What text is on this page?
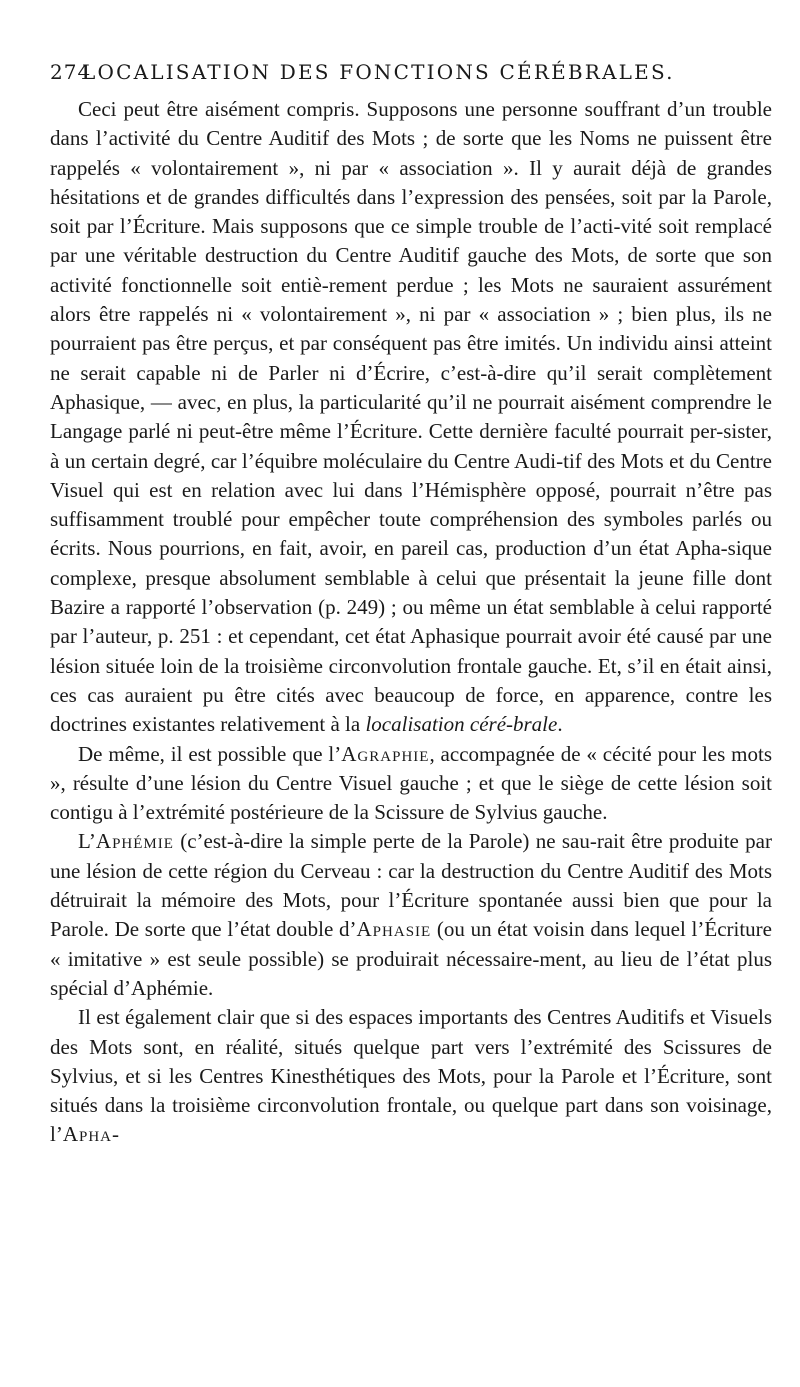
274
LOCALISATION DES FONCTIONS CÉRÉBRALES.

Ceci peut être aisément compris. Supposons une personne souffrant d’un trouble dans l’activité du Centre Auditif des Mots ; de sorte que les Noms ne puissent être rappelés « volontairement », ni par « association ». Il y aurait déjà de grandes hésitations et de grandes difficultés dans l’expression des pensées, soit par la Parole, soit par l’Écriture. Mais supposons que ce simple trouble de l’acti-vité soit remplacé par une véritable destruction du Centre Auditif gauche des Mots, de sorte que son activité fonctionnelle soit entiè-rement perdue ; les Mots ne sauraient assurément alors être rappelés ni « volontairement », ni par « association » ; bien plus, ils ne pourraient pas être perçus, et par conséquent pas être imités. Un individu ainsi atteint ne serait capable ni de Parler ni d’Écrire, c’est-à-dire qu’il serait complètement Aphasique, — avec, en plus, la particularité qu’il ne pourrait aisément comprendre le Langage parlé ni peut-être même l’Écriture. Cette dernière faculté pourrait per-sister, à un certain degré, car l’équibre moléculaire du Centre Audi-tif des Mots et du Centre Visuel qui est en relation avec lui dans l’Hémisphère opposé, pourrait n’être pas suffisamment troublé pour empêcher toute compréhension des symboles parlés ou écrits. Nous pourrions, en fait, avoir, en pareil cas, production d’un état Apha-sique complexe, presque absolument semblable à celui que présentait la jeune fille dont Bazire a rapporté l’observation (p. 249) ; ou même un état semblable à celui rapporté par l’auteur, p. 251 : et cependant, cet état Aphasique pourrait avoir été causé par une lésion située loin de la troisième circonvolution frontale gauche. Et, s’il en était ainsi, ces cas auraient pu être cités avec beaucoup de force, en apparence, contre les doctrines existantes relativement à la localisation céré-brale.

De même, il est possible que l’Agraphie, accompagnée de « cécité pour les mots », résulte d’une lésion du Centre Visuel gauche ; et que le siège de cette lésion soit contigu à l’extrémité postérieure de la Scissure de Sylvius gauche.

L’Aphémie (c’est-à-dire la simple perte de la Parole) ne sau-rait être produite par une lésion de cette région du Cerveau : car la destruction du Centre Auditif des Mots détruirait la mémoire des Mots, pour l’Écriture spontanée aussi bien que pour la Parole. De sorte que l’état double d’Aphasie (ou un état voisin dans lequel l’Écriture « imitative » est seule possible) se produirait nécessaire-ment, au lieu de l’état plus spécial d’Aphémie.

Il est également clair que si des espaces importants des Centres Auditifs et Visuels des Mots sont, en réalité, situés quelque part vers l’extrémité des Scissures de Sylvius, et si les Centres Kinesthétiques des Mots, pour la Parole et l’Écriture, sont situés dans la troisième circonvolution frontale, ou quelque part dans son voisinage, l’Apha-
